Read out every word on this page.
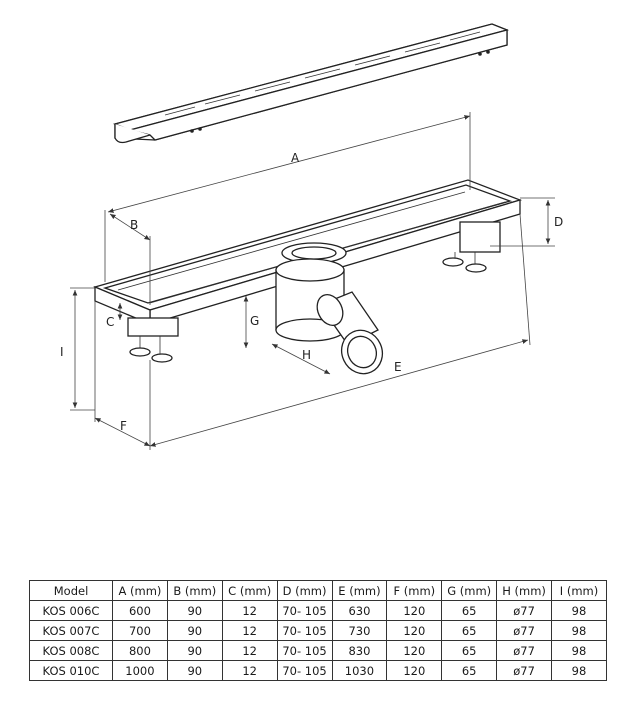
A
B
C
D
E
F
G
H
I
Model	A (mm)	B (mm)	C (mm)	D (mm)	E (mm)	F (mm)	G (mm)	H (mm)	I (mm)
KOS 006C	600	90	12	70- 105	630	120	65	ø77	98
KOS 007C	700	90	12	70- 105	730	120	65	ø77	98
KOS 008C	800	90	12	70- 105	830	120	65	ø77	98
KOS 010C	1000	90	12	70- 105	1030	120	65	ø77	98
